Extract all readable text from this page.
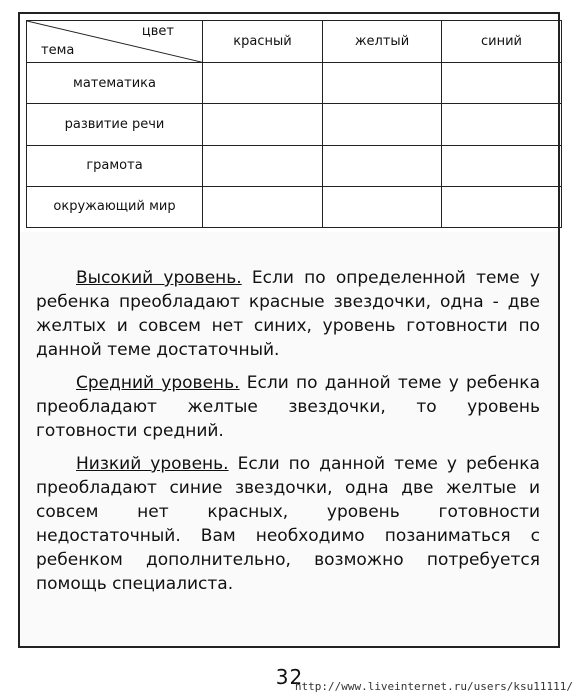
цвет
тема	красный	желтый	синий
математика			
развитие речи			
грамота			
окружающий мир			

Высокий уровень. Если по определенной теме у ребенка преобладают красные звездочки, одна - две желтых и совсем нет синих, уровень готовности по данной теме достаточный.

Средний уровень. Если по данной теме у ребенка преобладают желтые звездочки, то уровень готовности средний.

Низкий уровень. Если по данной теме у ребенка преобладают синие звездочки, одна две желтые и совсем нет красных, уровень готовности недостаточный. Вам необходимо позаниматься с ребенком дополнительно, возможно потребуется помощь специалиста.

32
http://www.liveinternet.ru/users/ksu11111/
